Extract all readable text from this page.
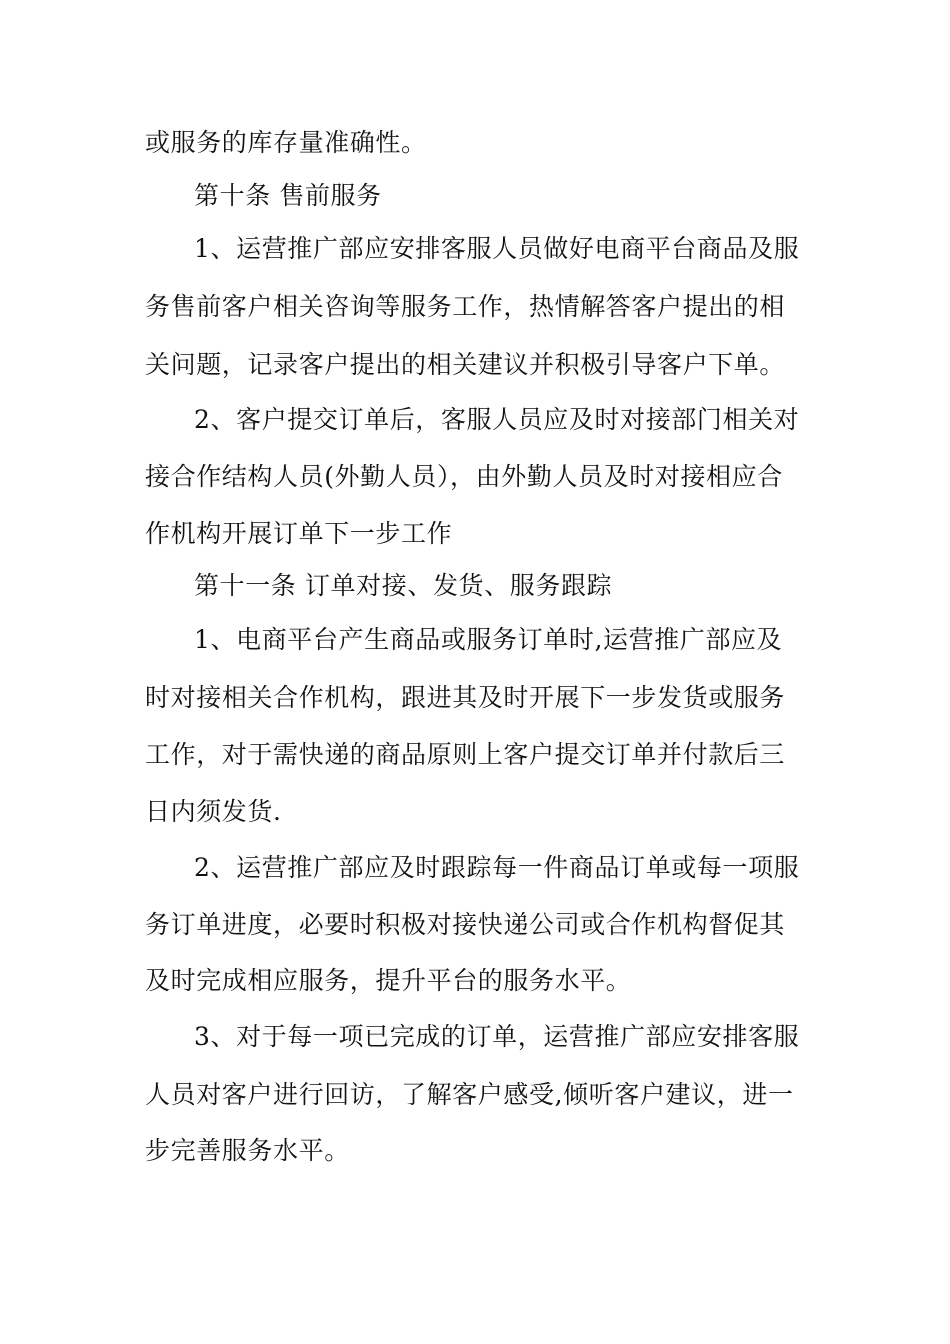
或服务的库存量准确性。
第十条 售前服务
1、运营推广部应安排客服人员做好电商平台商品及服
务售前客户相关咨询等服务工作，热情解答客户提出的相
关问题，记录客户提出的相关建议并积极引导客户下单。
2、客户提交订单后，客服人员应及时对接部门相关对
接合作结构人员(外勤人员），由外勤人员及时对接相应合
作机构开展订单下一步工作
第十一条 订单对接、发货、服务跟踪
1、电商平台产生商品或服务订单时,运营推广部应及
时对接相关合作机构，跟进其及时开展下一步发货或服务
工作，对于需快递的商品原则上客户提交订单并付款后三
日内须发货.
2、运营推广部应及时跟踪每一件商品订单或每一项服
务订单进度，必要时积极对接快递公司或合作机构督促其
及时完成相应服务，提升平台的服务水平。
3、对于每一项已完成的订单，运营推广部应安排客服
人员对客户进行回访，了解客户感受,倾听客户建议，进一
步完善服务水平。
